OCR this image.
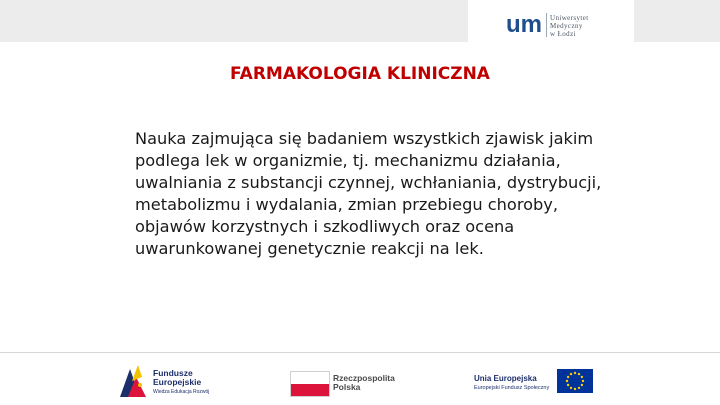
um Uniwersytet
Medyczny
w Łodzi
FARMAKOLOGIA KLINICZNA

Nauka zajmująca się badaniem wszystkich zjawisk jakim
podlega lek w organizmie, tj. mechanizmu działania,
uwalniania z substancji czynnej, wchłaniania, dystrybucji,
metabolizmu i wydalania, zmian przebiegu choroby,
objawów korzystnych i szkodliwych oraz ocena
uwarunkowanej genetycznie reakcji na lek.

Fundusze
Europejskie
Wiedza Edukacja Rozwój
Rzeczpospolita
Polska
Unia Europejska
Europejski Fundusz Społeczny
